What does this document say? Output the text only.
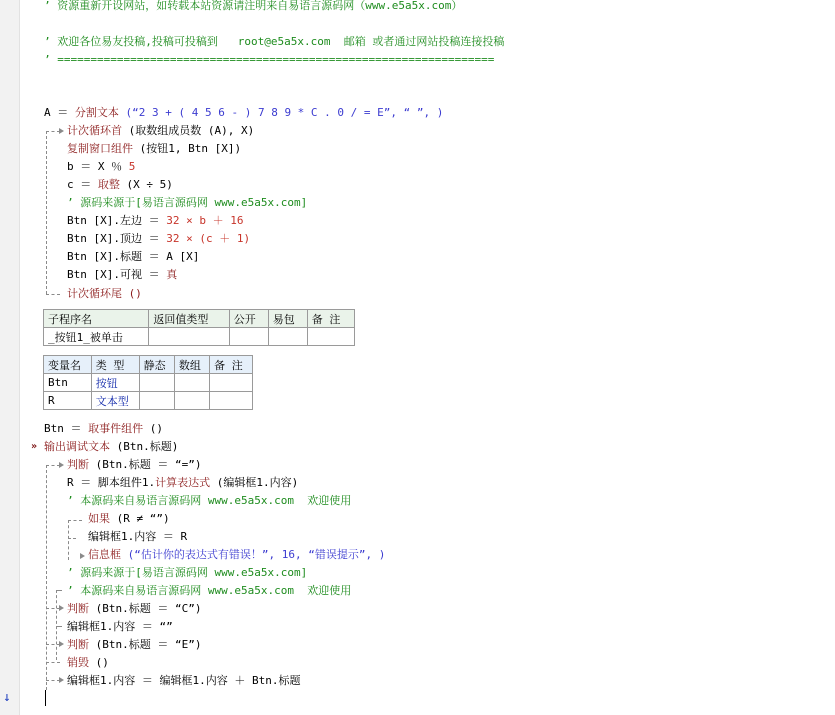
↓
’ 资源重新开设网站，如转载本站资源请注明来自易语言源码网（www.e5a5x.com）
’ 欢迎各位易友投稿,投稿可投稿到   root@e5a5x.com  邮箱 或者通过网站投稿连接投稿
’ ==================================================================
A ＝ 分割文本 (“2 3 + ( 4 5 6 - ) 7 8 9 * C . 0 / = E”, “ ”, )
计次循环首 (取数组成员数 (A), X)
复制窗口组件 (按钮1, Btn [X])
b ＝ X ％ 5
c ＝ 取整 (X ÷ 5)
’ 源码来源于[易语言源码网 www.e5a5x.com]
Btn [X].左边 ＝ 32 × b ＋ 16
Btn [X].顶边 ＝ 32 × (c ＋ 1)
Btn [X].标题 ＝ A [X]
Btn [X].可视 ＝ 真
计次循环尾 ()
子程序名	返回值类型	公开	易包	备 注
_按钮1_被单击				
变量名	类 型	静态	数组	备 注
Btn	按钮			
R	文本型			
Btn ＝ 取事件组件 ()
» 输出调试文本 (Btn.标题)
判断 (Btn.标题 ＝ “=”)
R ＝ 脚本组件1.计算表达式 (编辑框1.内容)
’ 本源码来自易语言源码网 www.e5a5x.com  欢迎使用
如果 (R ≠ “”)
编辑框1.内容 ＝ R
信息框 (“估计你的表达式有错误！”, 16, “错误提示”, )
’ 源码来源于[易语言源码网 www.e5a5x.com]
’ 本源码来自易语言源码网 www.e5a5x.com  欢迎使用
判断 (Btn.标题 ＝ “C”)
编辑框1.内容 ＝ “”
判断 (Btn.标题 ＝ “E”)
销毁 ()
编辑框1.内容 ＝ 编辑框1.内容 ＋ Btn.标题
